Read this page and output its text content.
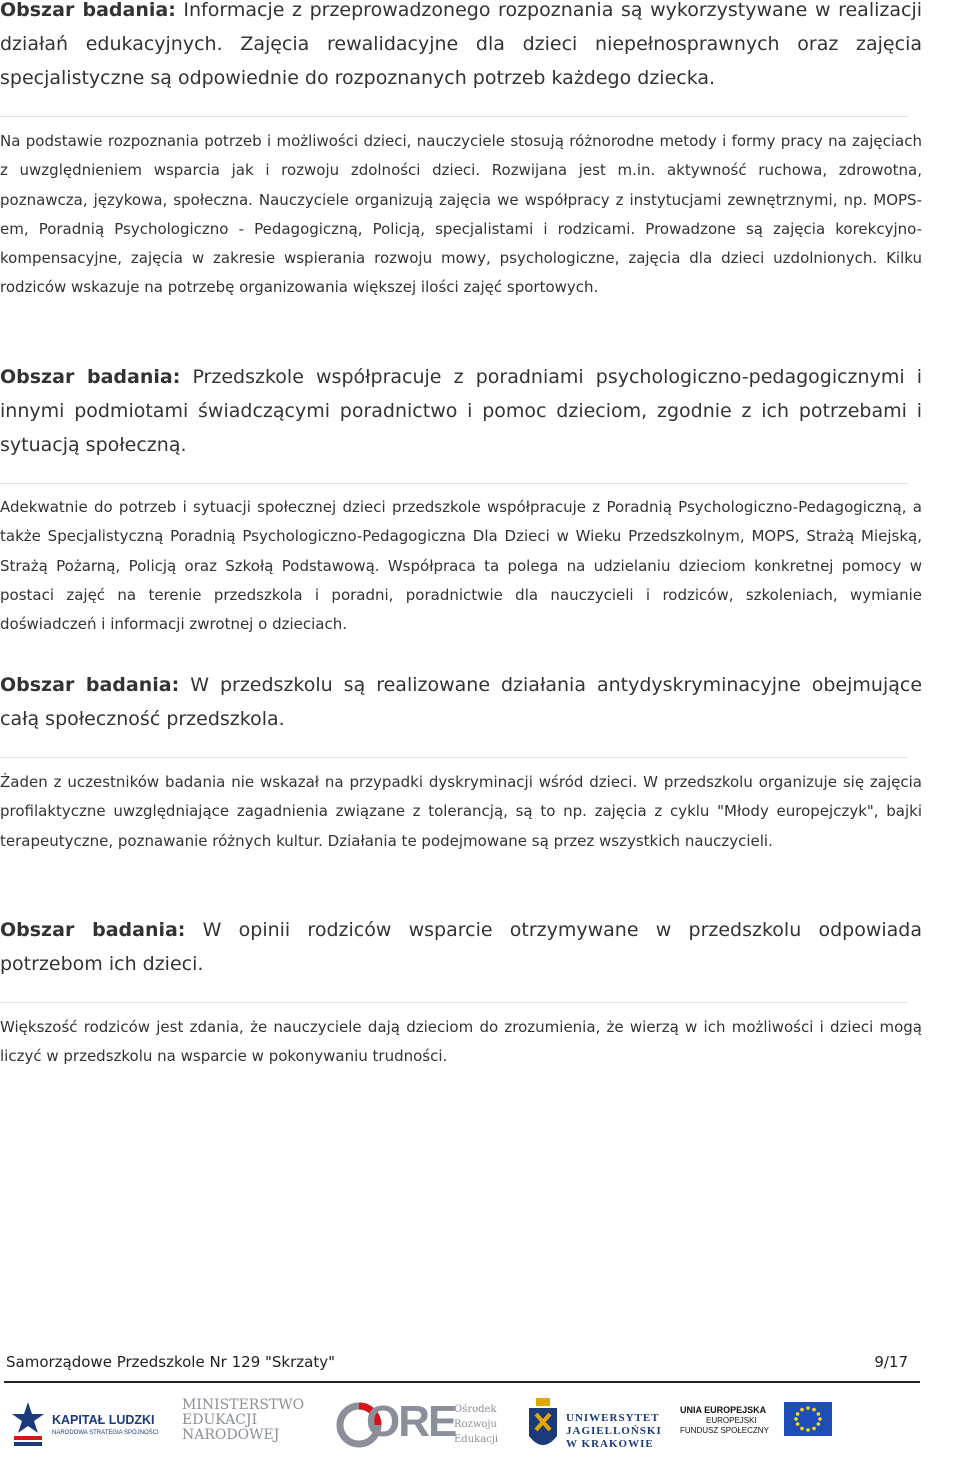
Obszar badania: Informacje z przeprowadzonego rozpoznania są wykorzystywane w realizacji działań edukacyjnych. Zajęcia rewalidacyjne dla dzieci niepełnosprawnych oraz zajęcia specjalistyczne są odpowiednie do rozpoznanych potrzeb każdego dziecka.
Na podstawie rozpoznania potrzeb i możliwości dzieci, nauczyciele stosują różnorodne metody i formy pracy na zajęciach z uwzględnieniem wsparcia jak i rozwoju zdolności dzieci. Rozwijana jest m.in. aktywność ruchowa, zdrowotna, poznawcza, językowa, społeczna. Nauczyciele organizują zajęcia we współpracy z instytucjami zewnętrznymi, np. MOPS-em, Poradnią Psychologiczno - Pedagogiczną, Policją, specjalistami i rodzicami. Prowadzone są zajęcia korekcyjno- kompensacyjne, zajęcia w zakresie wspierania rozwoju mowy, psychologiczne, zajęcia dla dzieci uzdolnionych. Kilku rodziców wskazuje na potrzebę organizowania większej ilości zajęć sportowych.
Obszar badania: Przedszkole współpracuje z poradniami psychologiczno-pedagogicznymi i innymi podmiotami świadczącymi poradnictwo i pomoc dzieciom, zgodnie z ich potrzebami i sytuacją społeczną.
Adekwatnie do potrzeb i sytuacji społecznej dzieci przedszkole współpracuje z Poradnią Psychologiczno-Pedagogiczną, a także Specjalistyczną Poradnią Psychologiczno-Pedagogiczna Dla Dzieci w Wieku Przedszkolnym, MOPS, Strażą Miejską, Strażą Pożarną, Policją oraz Szkołą Podstawową. Współpraca ta polega na udzielaniu dzieciom konkretnej pomocy w postaci zajęć na terenie przedszkola i poradni, poradnictwie dla nauczycieli i rodziców, szkoleniach, wymianie doświadczeń i informacji zwrotnej o dzieciach.
Obszar badania: W przedszkolu są realizowane działania antydyskryminacyjne obejmujące całą społeczność przedszkola.
Żaden z uczestników badania nie wskazał na przypadki dyskryminacji wśród dzieci. W przedszkolu organizuje się zajęcia profilaktyczne uwzględniające zagadnienia związane z tolerancją, są to np. zajęcia z cyklu "Młody europejczyk", bajki terapeutyczne, poznawanie różnych kultur. Działania te podejmowane są przez wszystkich nauczycieli.
Obszar badania: W opinii rodziców wsparcie otrzymywane w przedszkolu odpowiada potrzebom ich dzieci.
Większość rodziców jest zdania, że nauczyciele dają dzieciom do zrozumienia, że wierzą w ich możliwości i dzieci mogą liczyć w przedszkolu na wsparcie w pokonywaniu trudności.
Samorządowe Przedszkole Nr 129 "Skrzaty"	9/17
KAPITAŁ LUDZKI
NARODOWA STRATEGIA SPÓJNOŚCI
MINISTERSTWO
EDUKACJI
NARODOWEJ	ORE
Ośrodek
Rozwoju
Edukacji
UNIWERSYTET
JAGIELLOŃSKI
W KRAKOWIE
UNIA EUROPEJSKA
EUROPEJSKI
FUNDUSZ SPOŁECZNY
